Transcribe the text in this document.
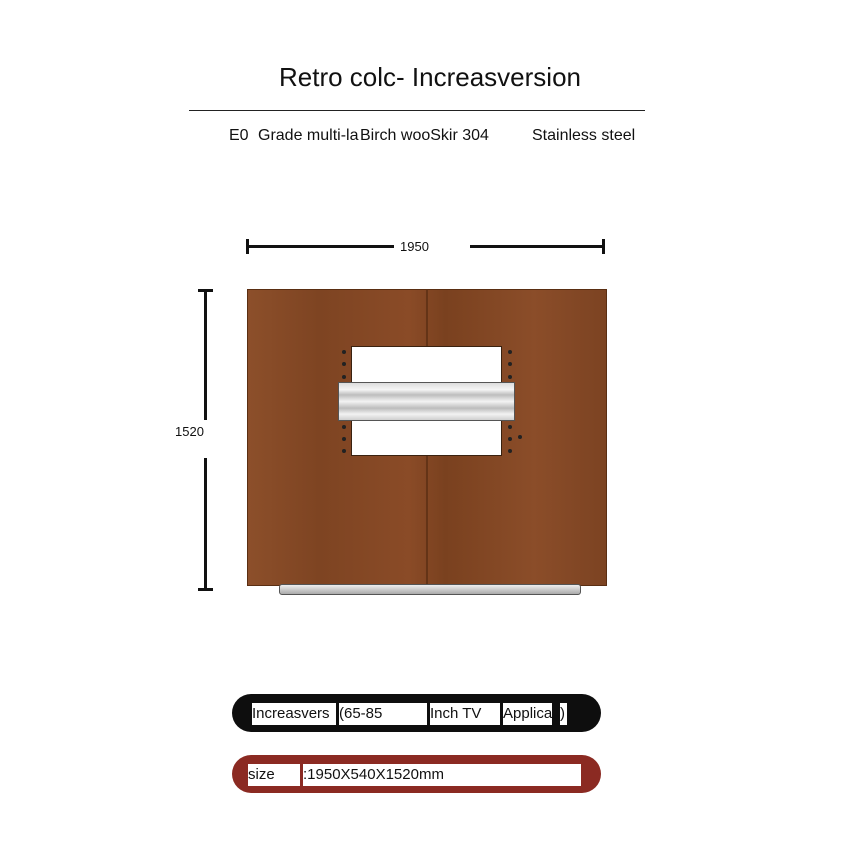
Retro colc- Increasversion
E0 Grade multi-la Birch wooSkir 304	Stainless steel
1950
1520
Increasvers (65-85	Inch TV	Applica )
size	:1950X540X1520mm
